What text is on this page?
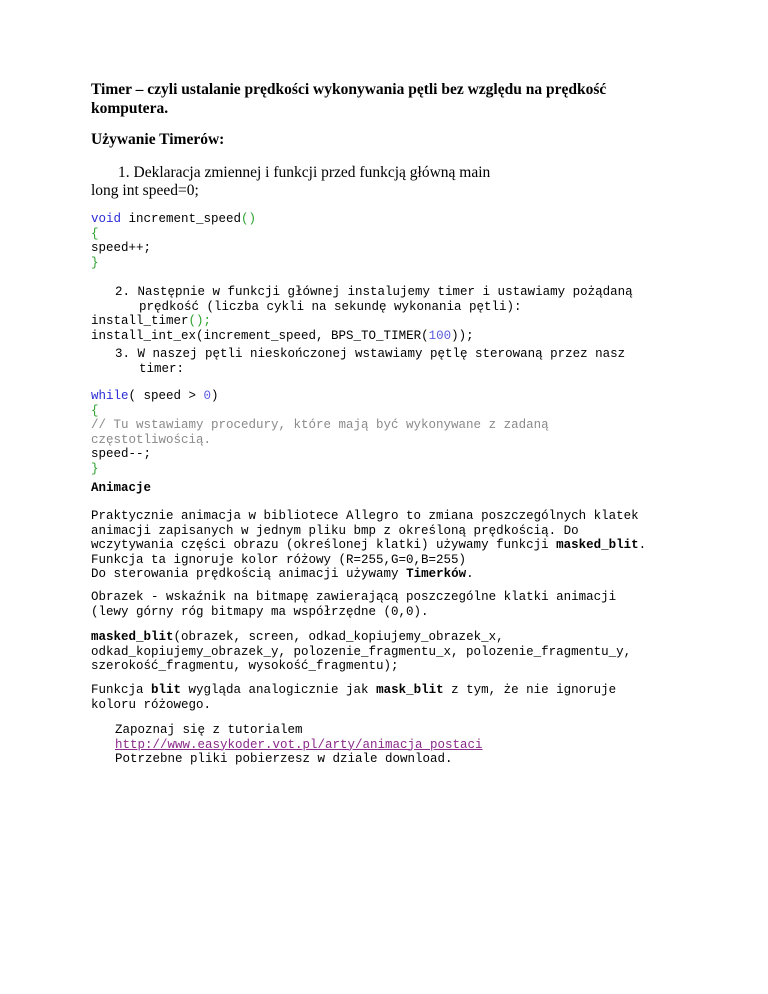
Timer – czyli ustalanie prędkości wykonywania pętli bez względu na prędkość komputera.
Używanie Timerów:
1. Deklaracja zmiennej i funkcji przed funkcją główną main
long int speed=0;
void increment_speed()
{
speed++;
}
2. Następnie w funkcji głównej instalujemy timer i ustawiamy pożądaną
prędkość (liczba cykli na sekundę wykonania pętli):
install_timer();
install_int_ex(increment_speed, BPS_TO_TIMER(100));
3. W naszej pętli nieskończonej wstawiamy pętlę sterowaną przez nasz
timer:
while( speed > 0)
{
// Tu wstawiamy procedury, które mają być wykonywane z zadaną
częstotliwością.
speed--;
}
Animacje
Praktycznie animacja w bibliotece Allegro to zmiana poszczególnych klatek
animacji zapisanych w jednym pliku bmp z określoną prędkością. Do
wczytywania części obrazu (określonej klatki) używamy funkcji masked_blit.
Funkcja ta ignoruje kolor różowy (R=255,G=0,B=255)
Do sterowania prędkością animacji używamy Timerków.
Obrazek - wskaźnik na bitmapę zawierającą poszczególne klatki animacji
(lewy górny róg bitmapy ma współrzędne (0,0).
masked_blit(obrazek, screen, odkad_kopiujemy_obrazek_x,
odkad_kopiujemy_obrazek_y, polozenie_fragmentu_x, polozenie_fragmentu_y,
szerokość_fragmentu, wysokość_fragmentu);
Funkcja blit wygląda analogicznie jak mask_blit z tym, że nie ignoruje
koloru różowego.
Zapoznaj się z tutorialem
http://www.easykoder.vot.pl/arty/animacja_postaci
Potrzebne pliki pobierzesz w dziale download.
